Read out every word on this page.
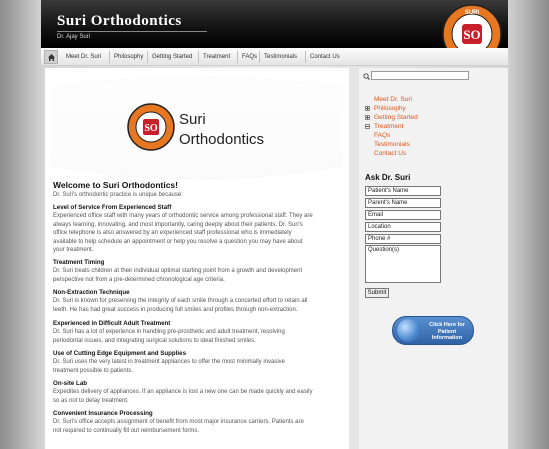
Suri Orthodontics
Dr. Ajay Suri	SO
SURI
Meet Dr. Suri Philosophy Getting Started Treatment FAQs Testimonials Contact Us
SO
Suri
Orthodontics
Welcome to Suri Orthodontics!
Dr. Suri's orthodontic practice is unique because:
Level of Service From Experienced Staff
Experienced office staff with many years of orthodontic service among professional staff. They are
always learning, innovating, and most importantly, caring deeply about their patients. Dr. Suri's
office telephone is also answered by an experienced staff professional who is immediately
available to help schedule an appointment or help you resolve a question you may have about
your treatment.
Treatment Timing
Dr. Suri treats children at their individual optimal starting point from a growth and development
perspective not from a pre-determined chronological age criteria.
Non-Extraction Technique
Dr. Suri is known for preserving the integrity of each smile through a concerted effort to retain all
teeth. He has had great success in producing full smiles and profiles through non-extraction.
Experienced in Difficult Adult Treatment
Dr. Suri has a lot of experience in handling pre-prosthetic and adult treatment, resolving
periodontal issues, and integrating surgical solutions to ideal finished smiles.
Use of Cutting Edge Equipment and Supplies
Dr. Suri uses the very latest in treatment appliances to offer the most minimally invasive
treatment possible to patients.
On-site Lab
Expedites delivery of appliances. If an appliance is lost a new one can be made quickly and easily
so as not to delay treatment.
Convenient Insurance Processing
Dr. Suri's office accepts assignment of benefit from most major insurance carriers. Patients are
not required to continually fill out reimbursement forms.
Meet Dr. Suri
Philosophy
Getting Started
Treatment
FAQs
Testimonials
Contact Us
Ask Dr. Suri
Patient's Name
Parent's Name
Email
Location
Phone #
Question(s)
Submit
Click Here for Patient Information
